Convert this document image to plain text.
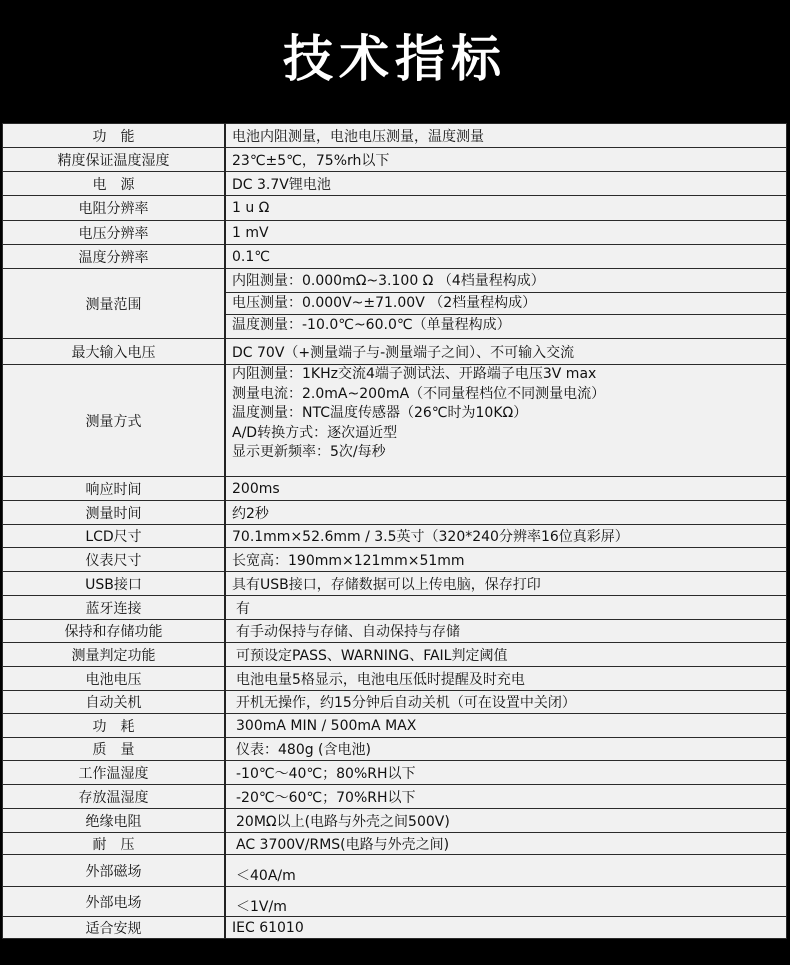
技术指标
功　能	电池内阻测量，电池电压测量，温度测量
精度保证温度湿度	23℃±5℃，75%rh以下
电　源	DC 3.7V锂电池
电阻分辨率	1 u Ω
电压分辨率	1 mV
温度分辨率	0.1℃
测量范围	内阻测量：0.000mΩ~3.100 Ω （4档量程构成）
电压测量：0.000V~±71.00V （2档量程构成）
温度测量：-10.0℃~60.0℃（单量程构成）

最大输入电压	DC 70V（+测量端子与-测量端子之间）、不可输入交流
测量方式	内阻测量：1KHz交流4端子测试法、开路端子电压3V max
测量电流：2.0mA~200mA（不同量程档位不同测量电流）
温度测量：NTC温度传感器（26℃时为10KΩ）
A/D转换方式：逐次逼近型
显示更新频率：5次/每秒

响应时间	200ms
测量时间	约2秒
LCD尺寸	70.1mm×52.6mm / 3.5英寸（320*240分辨率16位真彩屏）
仪表尺寸	长宽高：190mm×121mm×51mm
USB接口	具有USB接口，存储数据可以上传电脑，保存打印
蓝牙连接	有
保持和存储功能	有手动保持与存储、自动保持与存储
测量判定功能	可预设定PASS、WARNING、FAIL判定阈值
电池电压	电池电量5格显示，电池电压低时提醒及时充电
自动关机	开机无操作，约15分钟后自动关机（可在设置中关闭）
功　耗	300mA MIN / 500mA MAX
质　量	仪表：480g (含电池)
工作温湿度	-10℃～40℃；80%RH以下
存放温湿度	-20℃～60℃；70%RH以下
绝缘电阻	20MΩ以上(电路与外壳之间500V)
耐　压	AC 3700V/RMS(电路与外壳之间)
外部磁场	＜40A/m

外部电场	＜1V/m

适合安规	IEC 61010
